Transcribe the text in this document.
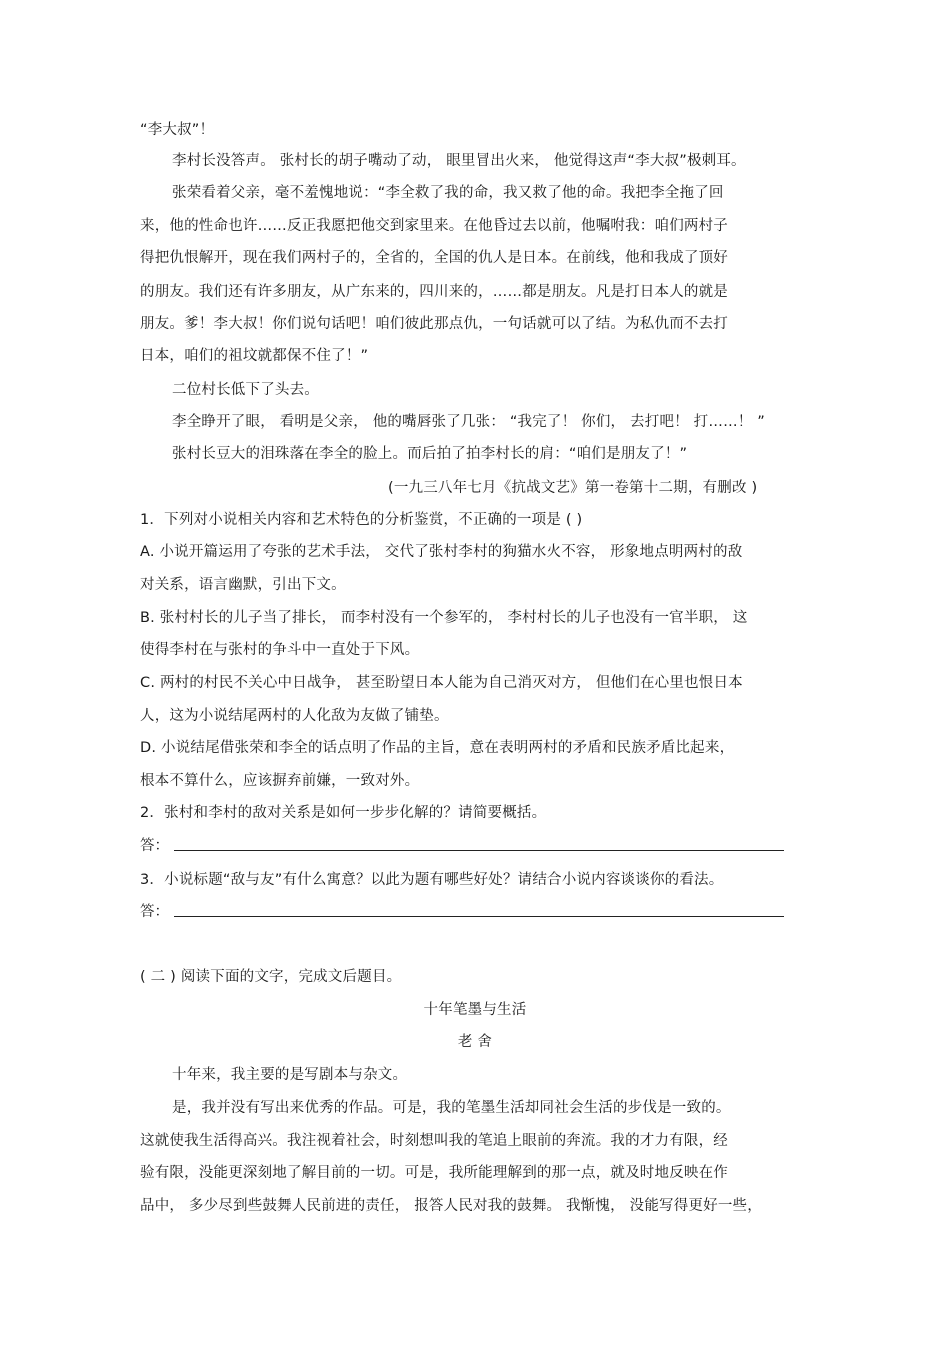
“李大叔”！

李村长没答声。 张村长的胡子嘴动了动， 眼里冒出火来， 他觉得这声“李大叔”极刺耳。

张荣看着父亲，毫不羞愧地说：“李全救了我的命，我又救了他的命。我把李全拖了回

来，他的性命也许……反正我愿把他交到家里来。在他昏过去以前，他嘱咐我：咱们两村子

得把仇恨解开，现在我们两村子的，全省的，全国的仇人是日本。在前线，他和我成了顶好

的朋友。我们还有许多朋友，从广东来的，四川来的，……都是朋友。凡是打日本人的就是

朋友。爹！李大叔！你们说句话吧！咱们彼此那点仇，一句话就可以了结。为私仇而不去打

日本，咱们的祖坟就都保不住了！”

二位村长低下了头去。

李全睁开了眼， 看明是父亲， 他的嘴唇张了几张： “我完了！ 你们， 去打吧！ 打……！ ”

张村长豆大的泪珠落在李全的脸上。而后拍了拍李村长的肩：“咱们是朋友了！”

(一九三八年七月《抗战文艺》第一卷第十二期，有删改 )

1．下列对小说相关内容和艺术特色的分析鉴赏，不正确的一项是 ( )

A. 小说开篇运用了夸张的艺术手法， 交代了张村李村的狗猫水火不容， 形象地点明两村的敌

对关系，语言幽默，引出下文。

B. 张村村长的儿子当了排长， 而李村没有一个参军的， 李村村长的儿子也没有一官半职， 这

使得李村在与张村的争斗中一直处于下风。

C. 两村的村民不关心中日战争， 甚至盼望日本人能为自己消灭对方， 但他们在心里也恨日本

人，这为小说结尾两村的人化敌为友做了铺垫。

D. 小说结尾借张荣和李全的话点明了作品的主旨，意在表明两村的矛盾和民族矛盾比起来，

根本不算什么，应该摒弃前嫌，一致对外。

2．张村和李村的敌对关系是如何一步步化解的？请简要概括。

答：

3．小说标题“敌与友”有什么寓意？以此为题有哪些好处？请结合小说内容谈谈你的看法。

答：

( 二 ) 阅读下面的文字，完成文后题目。

十年笔墨与生活

老 舍

十年来，我主要的是写剧本与杂文。

是，我并没有写出来优秀的作品。可是，我的笔墨生活却同社会生活的步伐是一致的。

这就使我生活得高兴。我注视着社会，时刻想叫我的笔追上眼前的奔流。我的才力有限，经

验有限，没能更深刻地了解目前的一切。可是，我所能理解到的那一点，就及时地反映在作

品中， 多少尽到些鼓舞人民前进的责任， 报答人民对我的鼓舞。 我惭愧， 没能写得更好一些，
